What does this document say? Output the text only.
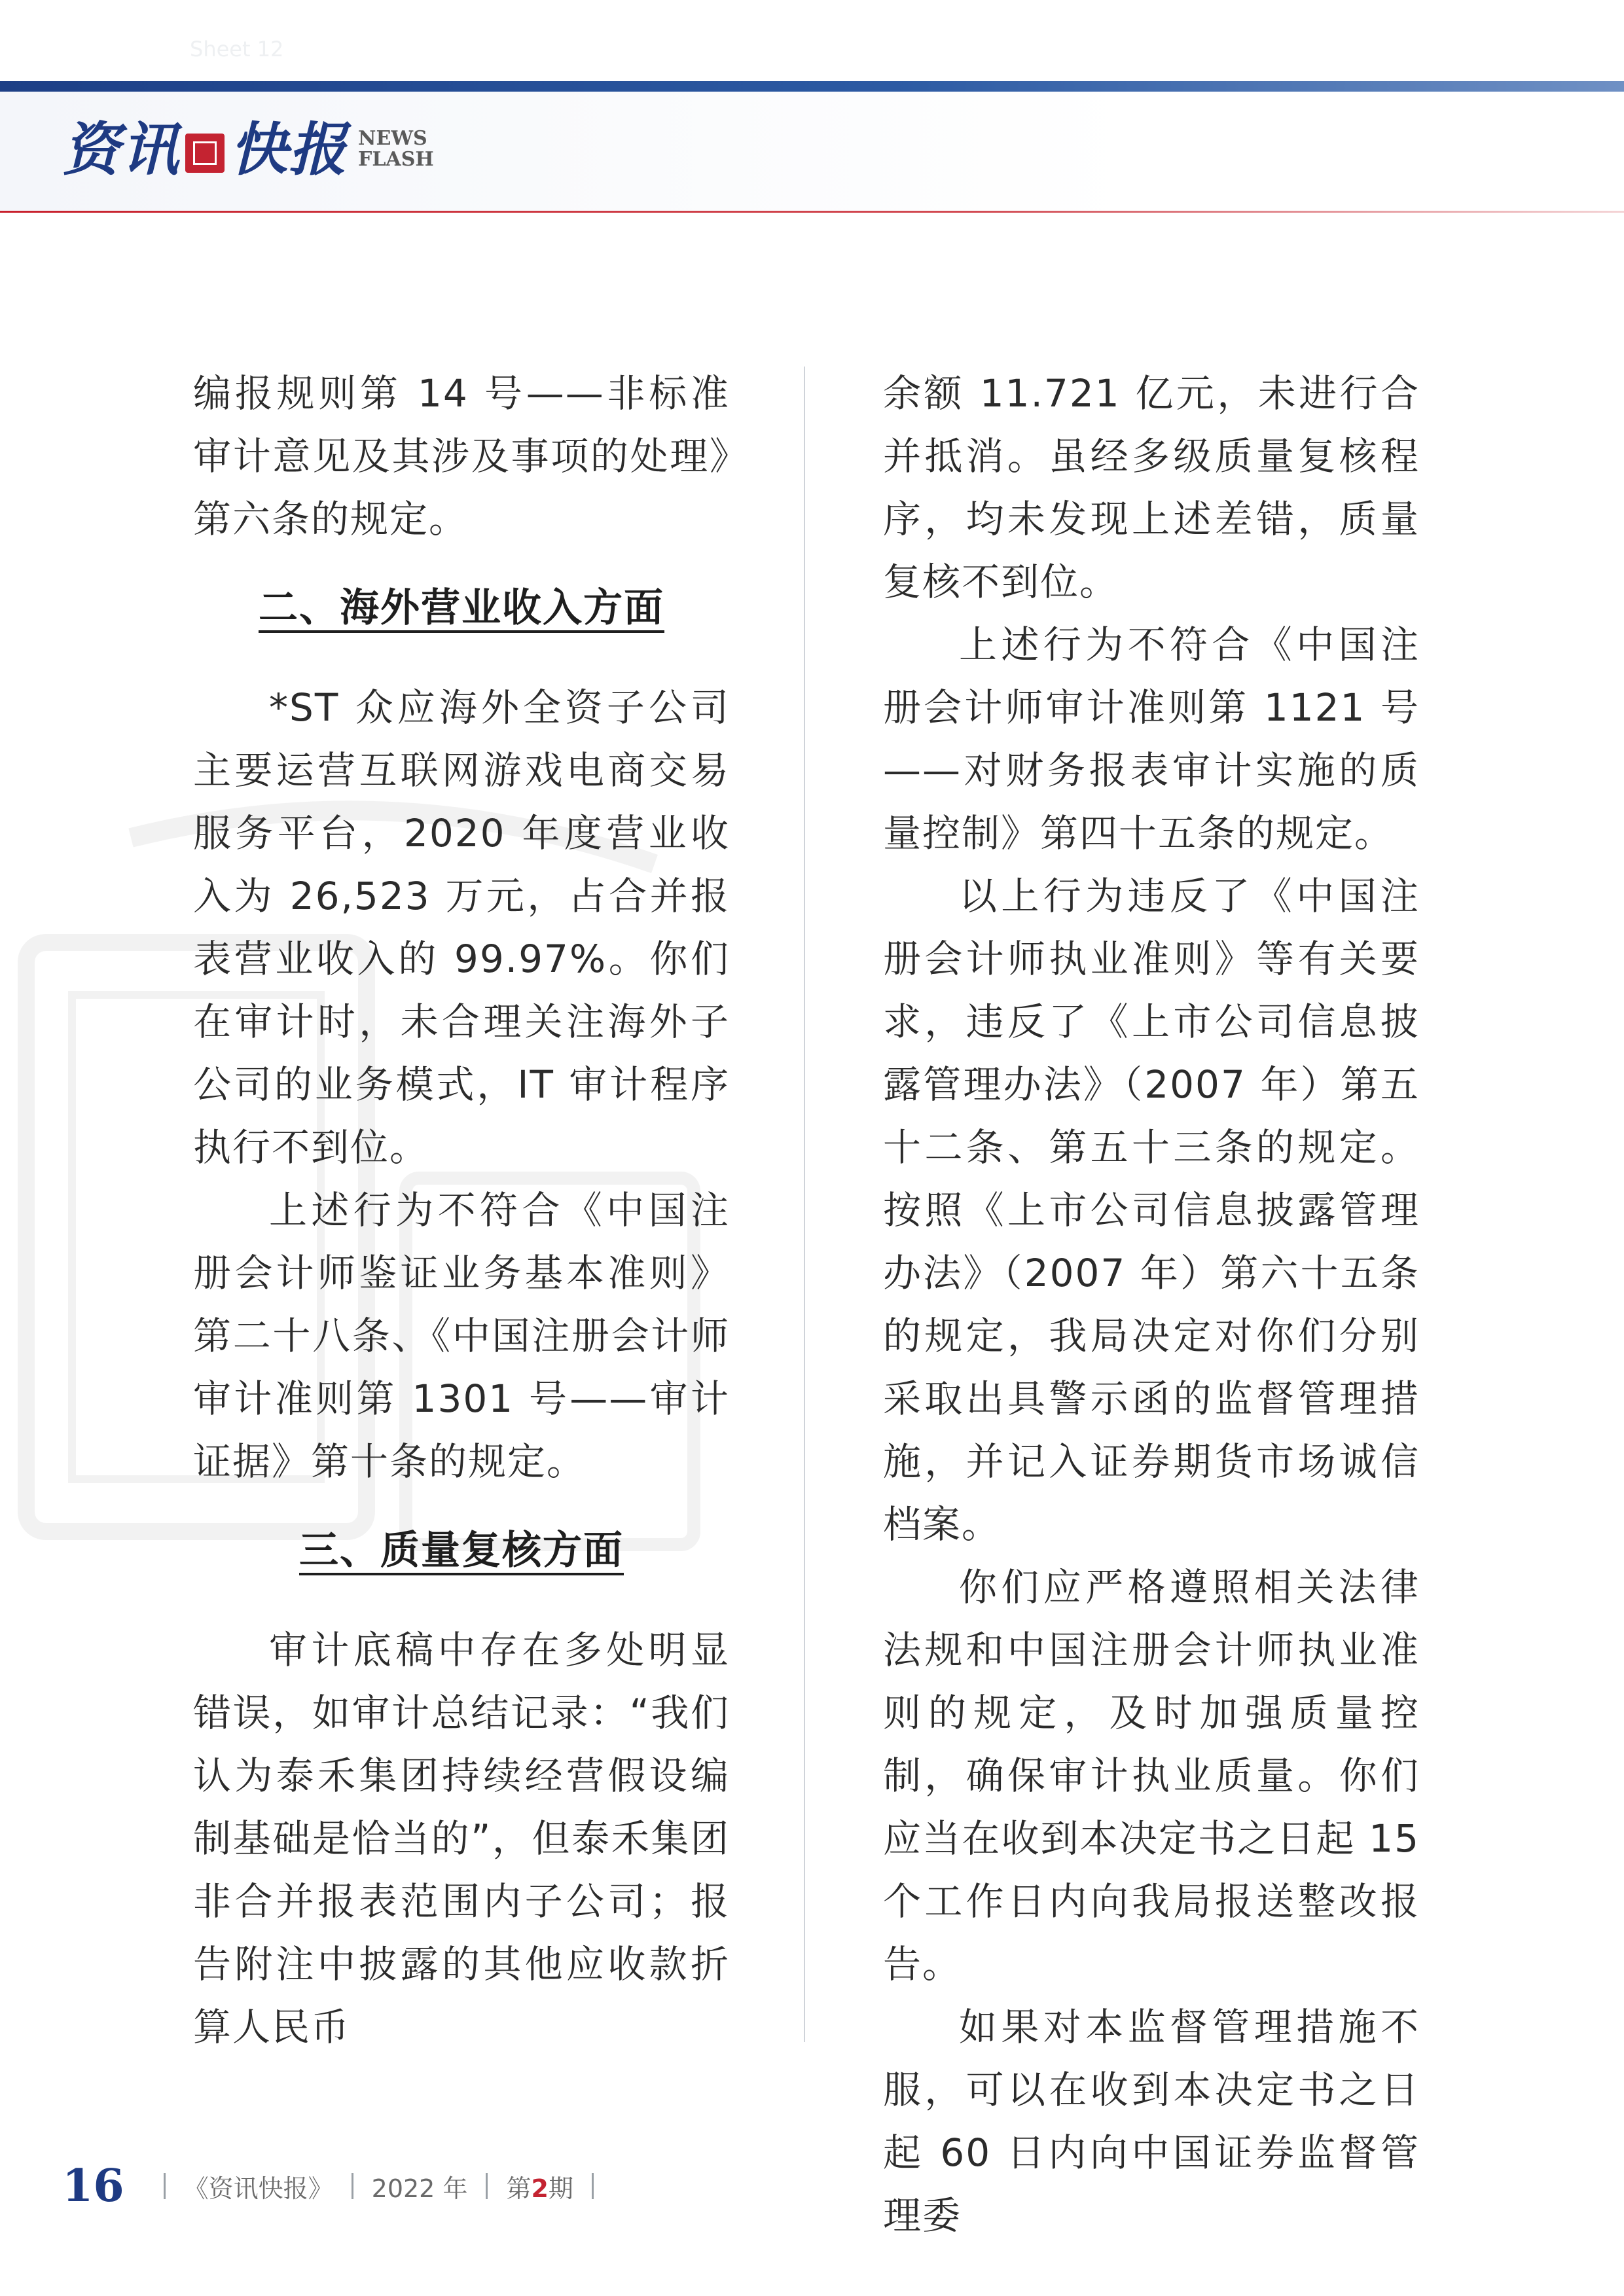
Sheet 12
资讯 快报 NEWS
FLASH

编报规则第 14 号——非标准审计意见及其涉及事项的处理》第六条的规定。

二、海外营业收入方面

*ST 众应海外全资子公司主要运营互联网游戏电商交易服务平台，2020 年度营业收入为 26,523 万元，占合并报表营业收入的 99.97%。你们在审计时，未合理关注海外子公司的业务模式，IT 审计程序执行不到位。

上述行为不符合《中国注册会计师鉴证业务基本准则》第二十八条、《中国注册会计师审计准则第 1301 号——审计证据》第十条的规定。

三、质量复核方面

审计底稿中存在多处明显错误，如审计总结记录：“我们认为泰禾集团持续经营假设编制基础是恰当的”，但泰禾集团非合并报表范围内子公司；报告附注中披露的其他应收款折算人民币

余额 11.721 亿元，未进行合并抵消。虽经多级质量复核程序，均未发现上述差错，质量复核不到位。

上述行为不符合《中国注册会计师审计准则第 1121 号——对财务报表审计实施的质量控制》第四十五条的规定。

以上行为违反了《中国注册会计师执业准则》等有关要求，违反了《上市公司信息披露管理办法》（2007 年）第五十二条、第五十三条的规定。按照《上市公司信息披露管理办法》（2007 年）第六十五条的规定，我局决定对你们分别采取出具警示函的监督管理措施，并记入证券期货市场诚信档案。

你们应严格遵照相关法律法规和中国注册会计师执业准则的规定，及时加强质量控制，确保审计执业质量。你们应当在收到本决定书之日起 15 个工作日内向我局报送整改报告。

如果对本监督管理措施不服，可以在收到本决定书之日起 60 日内向中国证券监督管理委

16 《资讯快报》 2022 年 第2期
